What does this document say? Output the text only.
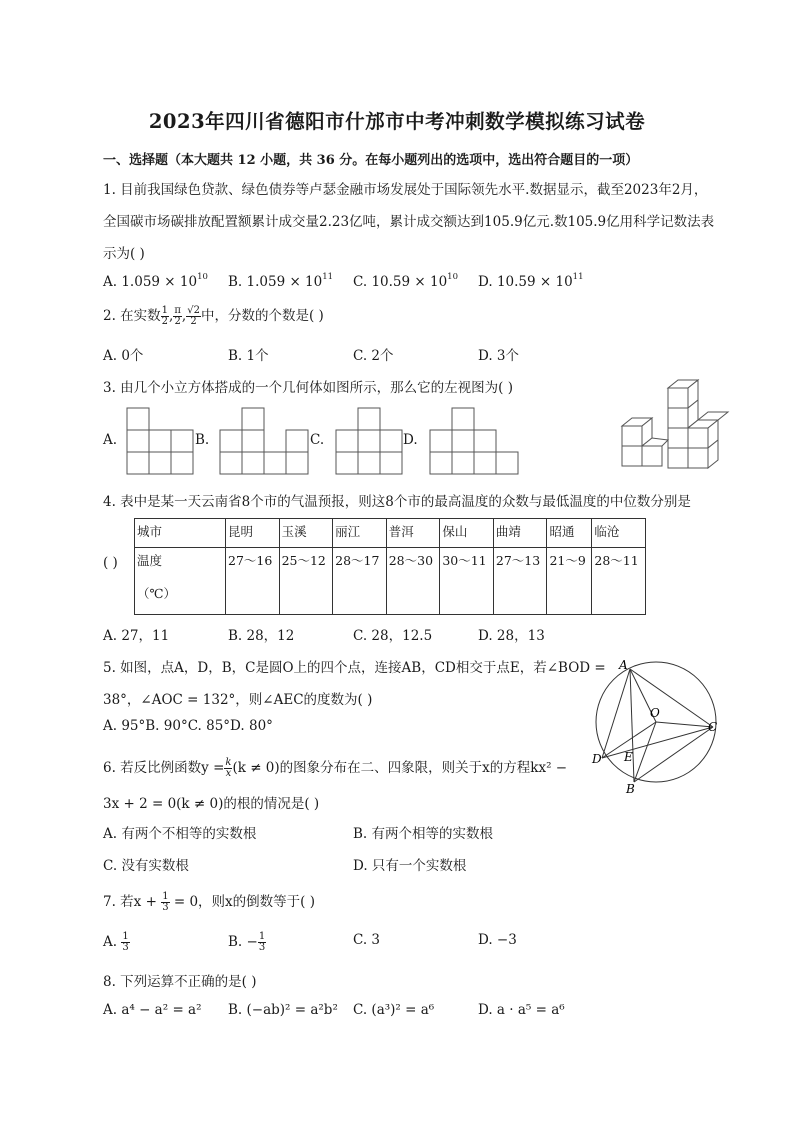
2023年四川省德阳市什邡市中考冲刺数学模拟练习试卷
一、选择题（本大题共 12 小题，共 36 分。在每小题列出的选项中，选出符合题目的一项）
1. 目前我国绿色贷款、绿色债券等卢瑟金融市场发展处于国际领先水平.数据显示，截至2023年2月，
全国碳市场碳排放配置额累计成交量2.23亿吨，累计成交额达到105.9亿元.数105.9亿用科学记数法表
示为( )
A. $1.059 \times 10^{10}$ B. $1.059 \times 10^{11}$ C. $10.59 \times 10^{10}$ D. $10.59 \times 10^{11}$
2. 在实数 $\frac{1}{2}$ , $\frac{\pi}{2}$ , $\frac{√2}{2}$ 中，分数的个数是( )
A. 0个	B. 1个	C. 2个	D. 3个
3. 由几个小立方体搭成的一个几何体如图所示，那么它的左视图为( )
A.	B.	C.	D.
4. 表中是某一天云南省8个市的气温预报，则这8个市的最高温度的众数与最低温度的中位数分别是
( )
城市	昆明	玉溪	丽江	普洱	保山	曲靖	昭通	临沧
温度

（℃）	27～16	25～12	28～17	28～30	30～11	27～13	21～9	28～11
A. 27，11	B. 28，12	C. 28，12.5	D. 28，13
5. 如图，点A，D，B，C是圆O上的四个点，连接AB，CD相交于点E，若∠BOD =
38°，∠AOC = 132°，则∠AEC的度数为( )
A. 95°B. 90°C. 85°D. 80°
A
O
C
D E
B
6. 若反比例函数$y = \frac{k}{x} (k \ne 0)$的图象分布在二、四象限，则关于x的方程kx² −
3x + 2 = 0(k ≠ 0)的根的情况是( )
A. 有两个不相等的实数根	B. 有两个相等的实数根
C. 没有实数根	D. 只有一个实数根
7. 若$x + \frac{1}{3} = 0$，则x的倒数等于( )
A. $\frac{1}{3}$	B. − $\frac{1}{3}$	C. 3	D. −3
8. 下列运算不正确的是( )
A. a⁴ − a² = a² B. (−ab)² = a²b² C. (a³)² = a⁶	D. a · a⁵ = a⁶
